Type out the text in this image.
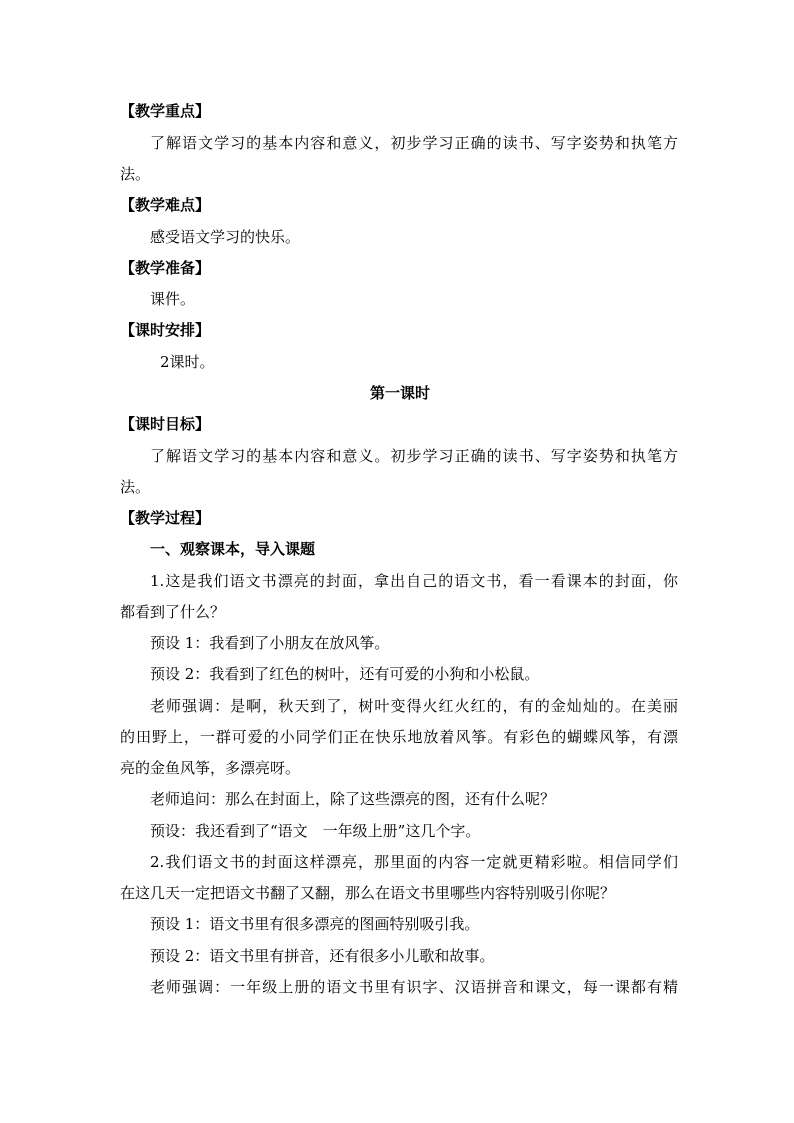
【教学重点】
了解语文学习的基本内容和意义，初步学习正确的读书、写字姿势和执笔方
法。
【教学难点】
感受语文学习的快乐。
【教学准备】
课件。
【课时安排】
2课时。
第一课时
【课时目标】
了解语文学习的基本内容和意义。初步学习正确的读书、写字姿势和执笔方
法。
【教学过程】
一、观察课本，导入课题
1.这是我们语文书漂亮的封面，拿出自己的语文书，看一看课本的封面，你
都看到了什么？
预设 1：我看到了小朋友在放风筝。
预设 2：我看到了红色的树叶，还有可爱的小狗和小松鼠。
老师强调：是啊，秋天到了，树叶变得火红火红的，有的金灿灿的。在美丽
的田野上，一群可爱的小同学们正在快乐地放着风筝。有彩色的蝴蝶风筝，有漂
亮的金鱼风筝，多漂亮呀。
老师追问：那么在封面上，除了这些漂亮的图，还有什么呢？
预设：我还看到了“语文　一年级上册”这几个字。
2.我们语文书的封面这样漂亮，那里面的内容一定就更精彩啦。相信同学们
在这几天一定把语文书翻了又翻，那么在语文书里哪些内容特别吸引你呢？
预设 1：语文书里有很多漂亮的图画特别吸引我。
预设 2：语文书里有拼音，还有很多小儿歌和故事。
老师强调：一年级上册的语文书里有识字、汉语拼音和课文，每一课都有精
